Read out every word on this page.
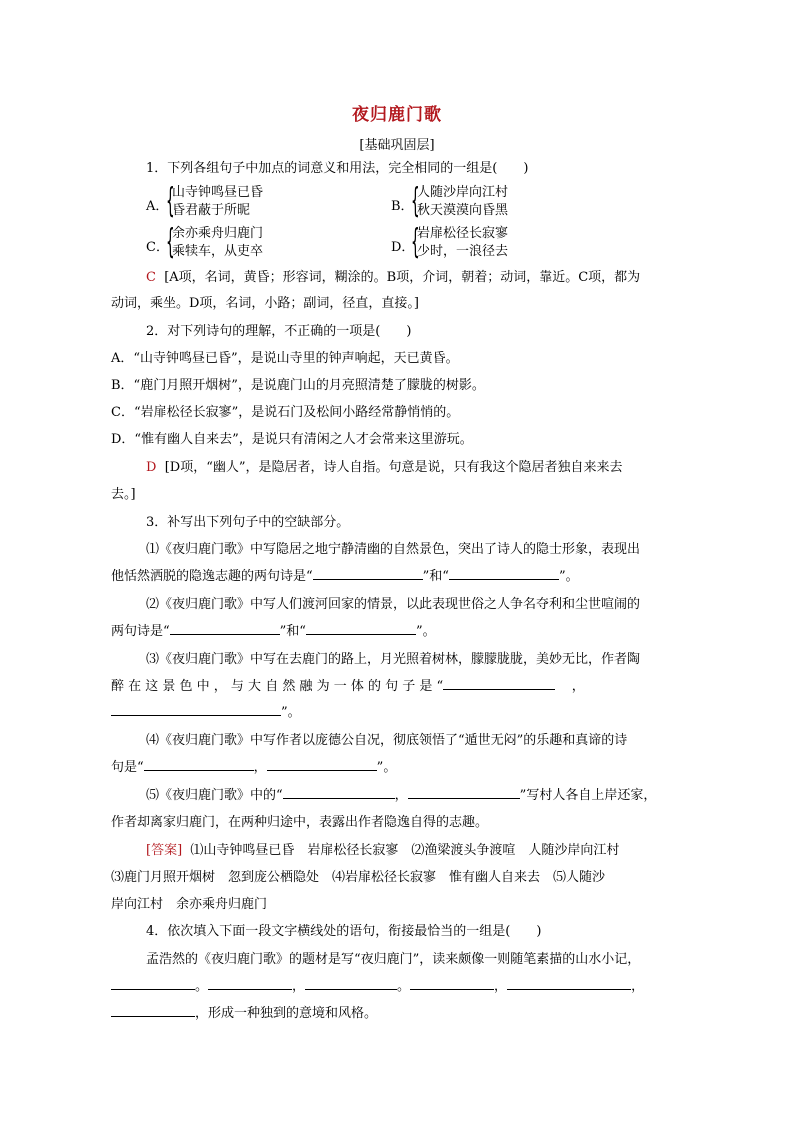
夜归鹿门歌
[基础巩固层]
1．下列各组句子中加点的词意义和用法，完全相同的一组是(　　)
A．
{
山寺钟鸣昼已昏
昏君蔽于所昵	B．
{
人随沙岸向江村
秋天漠漠向昏黑
C．
{
余亦乘舟归鹿门
乘犊车，从吏卒	D．
{
岩扉松径长寂寥
少时，一浪径去
C [A项，名词，黄昏；形容词，糊涂的。B项，介词，朝着；动词，靠近。C项，都为
动词，乘坐。D项，名词，小路；副词，径直，直接。]
2．对下列诗句的理解，不正确的一项是(　　)
A．“山寺钟鸣昼已昏”，是说山寺里的钟声响起，天已黄昏。
B．“鹿门月照开烟树”，是说鹿门山的月亮照清楚了朦胧的树影。
C．“岩扉松径长寂寥”，是说石门及松间小路经常静悄悄的。
D．“惟有幽人自来去”，是说只有清闲之人才会常来这里游玩。
D [D项，“幽人”，是隐居者，诗人自指。句意是说，只有我这个隐居者独自来来去
去。]
3．补写出下列句子中的空缺部分。
⑴《夜归鹿门歌》中写隐居之地宁静清幽的自然景色，突出了诗人的隐士形象，表现出
他恬然洒脱的隐逸志趣的两句诗是“	”和“	”。
⑵《夜归鹿门歌》中写人们渡河回家的情景，以此表现世俗之人争名夺利和尘世喧闹的
两句诗是“	”和“	”。
⑶《夜归鹿门歌》中写在去鹿门的路上，月光照着树林，朦朦胧胧，美妙无比，作者陶
醉 在 这 景 色 中 ， 与 大 自 然 融 为 一 体 的 句 子 是 “	，
”。
⑷《夜归鹿门歌》中写作者以庞德公自况，彻底领悟了“遁世无闷”的乐趣和真谛的诗
句是“	，	”。
⑸《夜归鹿门歌》中的“	，	”写村人各自上岸还家，
作者却离家归鹿门，在两种归途中，表露出作者隐逸自得的志趣。
[答案] ⑴山寺钟鸣昼已昏　岩扉松径长寂寥　⑵渔梁渡头争渡喧　人随沙岸向江村
⑶鹿门月照开烟树　忽到庞公栖隐处　⑷岩扉松径长寂寥　惟有幽人自来去　⑸人随沙
岸向江村　余亦乘舟归鹿门
4．依次填入下面一段文字横线处的语句，衔接最恰当的一组是(　　)
孟浩然的《夜归鹿门歌》的题材是写“夜归鹿门”，读来颇像一则随笔素描的山水小记，
。	，	。	，	，
，形成一种独到的意境和风格。
